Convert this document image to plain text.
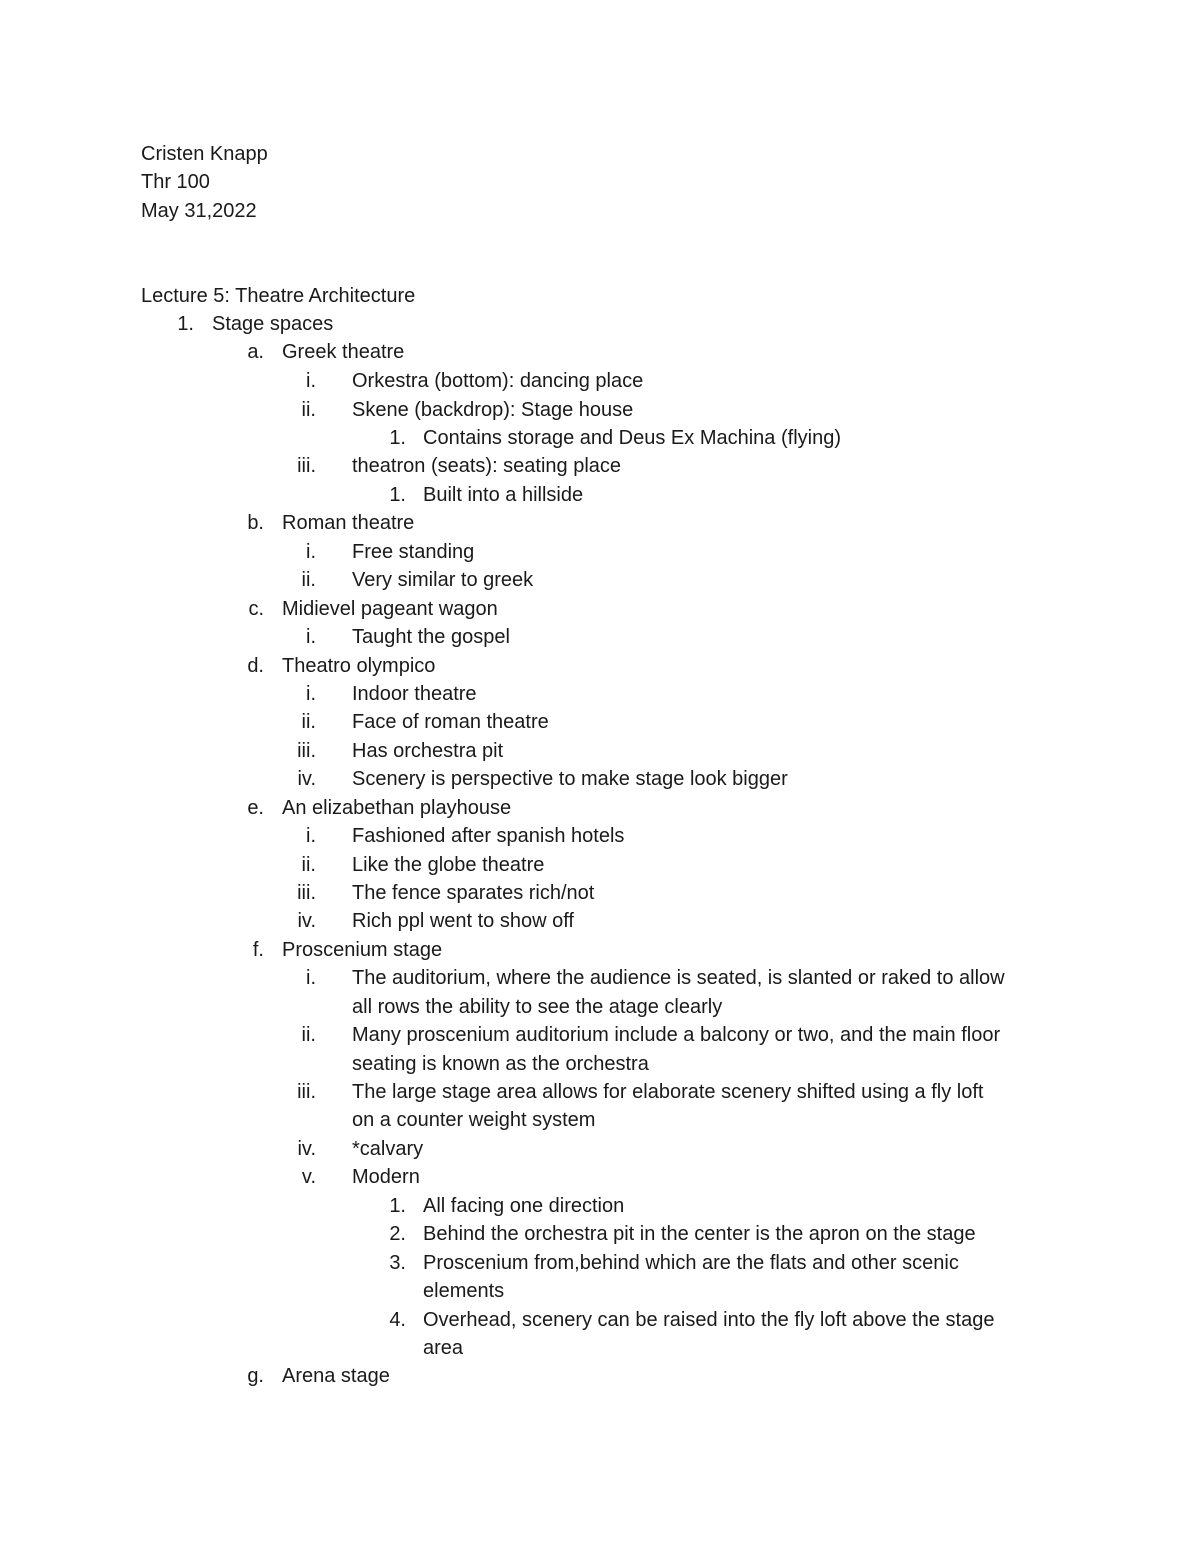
Cristen Knapp
Thr 100
May 31,2022
Lecture 5: Theatre Architecture
1. Stage spaces
a. Greek theatre
i. Orkestra (bottom): dancing place
ii. Skene (backdrop): Stage house
1. Contains storage and Deus Ex Machina (flying)
iii. theatron (seats): seating place
1. Built into a hillside
b. Roman theatre
i. Free standing
ii. Very similar to greek
c. Midievel pageant wagon
i. Taught the gospel
d. Theatro olympico
i. Indoor theatre
ii. Face of roman theatre
iii. Has orchestra pit
iv. Scenery is perspective to make stage look bigger
e. An elizabethan playhouse
i. Fashioned after spanish hotels
ii. Like the globe theatre
iii. The fence sparates rich/not
iv. Rich ppl went to show off
f. Proscenium stage
i. The auditorium, where the audience is seated, is slanted or raked to allow
all rows the ability to see the atage clearly
ii. Many proscenium auditorium include a balcony or two, and the main floor
seating is known as the orchestra
iii. The large stage area allows for elaborate scenery shifted using a fly loft
on a counter weight system
iv. *calvary
v. Modern
1. All facing one direction
2. Behind the orchestra pit in the center is the apron on the stage
3. Proscenium from,behind which are the flats and other scenic
elements
4. Overhead, scenery can be raised into the fly loft above the stage
area
g. Arena stage
